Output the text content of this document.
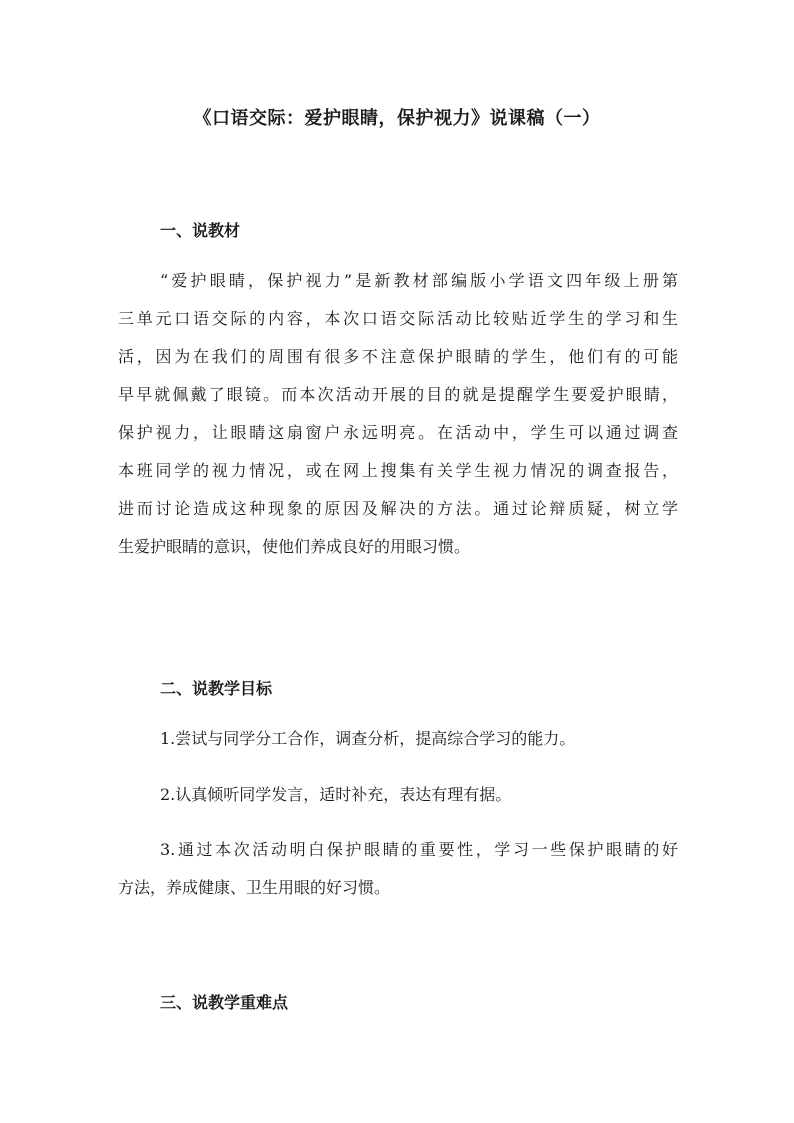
《口语交际：爱护眼睛，保护视力》说课稿（一）
一、说教材
“爱护眼睛，保护视力”是新教材部编版小学语文四年级上册第
三单元口语交际的内容，本次口语交际活动比较贴近学生的学习和生
活，因为在我们的周围有很多不注意保护眼睛的学生，他们有的可能
早早就佩戴了眼镜。而本次活动开展的目的就是提醒学生要爱护眼睛，
保护视力，让眼睛这扇窗户永远明亮。在活动中，学生可以通过调查
本班同学的视力情况，或在网上搜集有关学生视力情况的调查报告，
进而讨论造成这种现象的原因及解决的方法。通过论辩质疑，树立学
生爱护眼睛的意识，使他们养成良好的用眼习惯。
二、说教学目标
1.尝试与同学分工合作，调查分析，提高综合学习的能力。
2.认真倾听同学发言，适时补充，表达有理有据。
3.通过本次活动明白保护眼睛的重要性，学习一些保护眼睛的好
方法，养成健康、卫生用眼的好习惯。
三、说教学重难点
